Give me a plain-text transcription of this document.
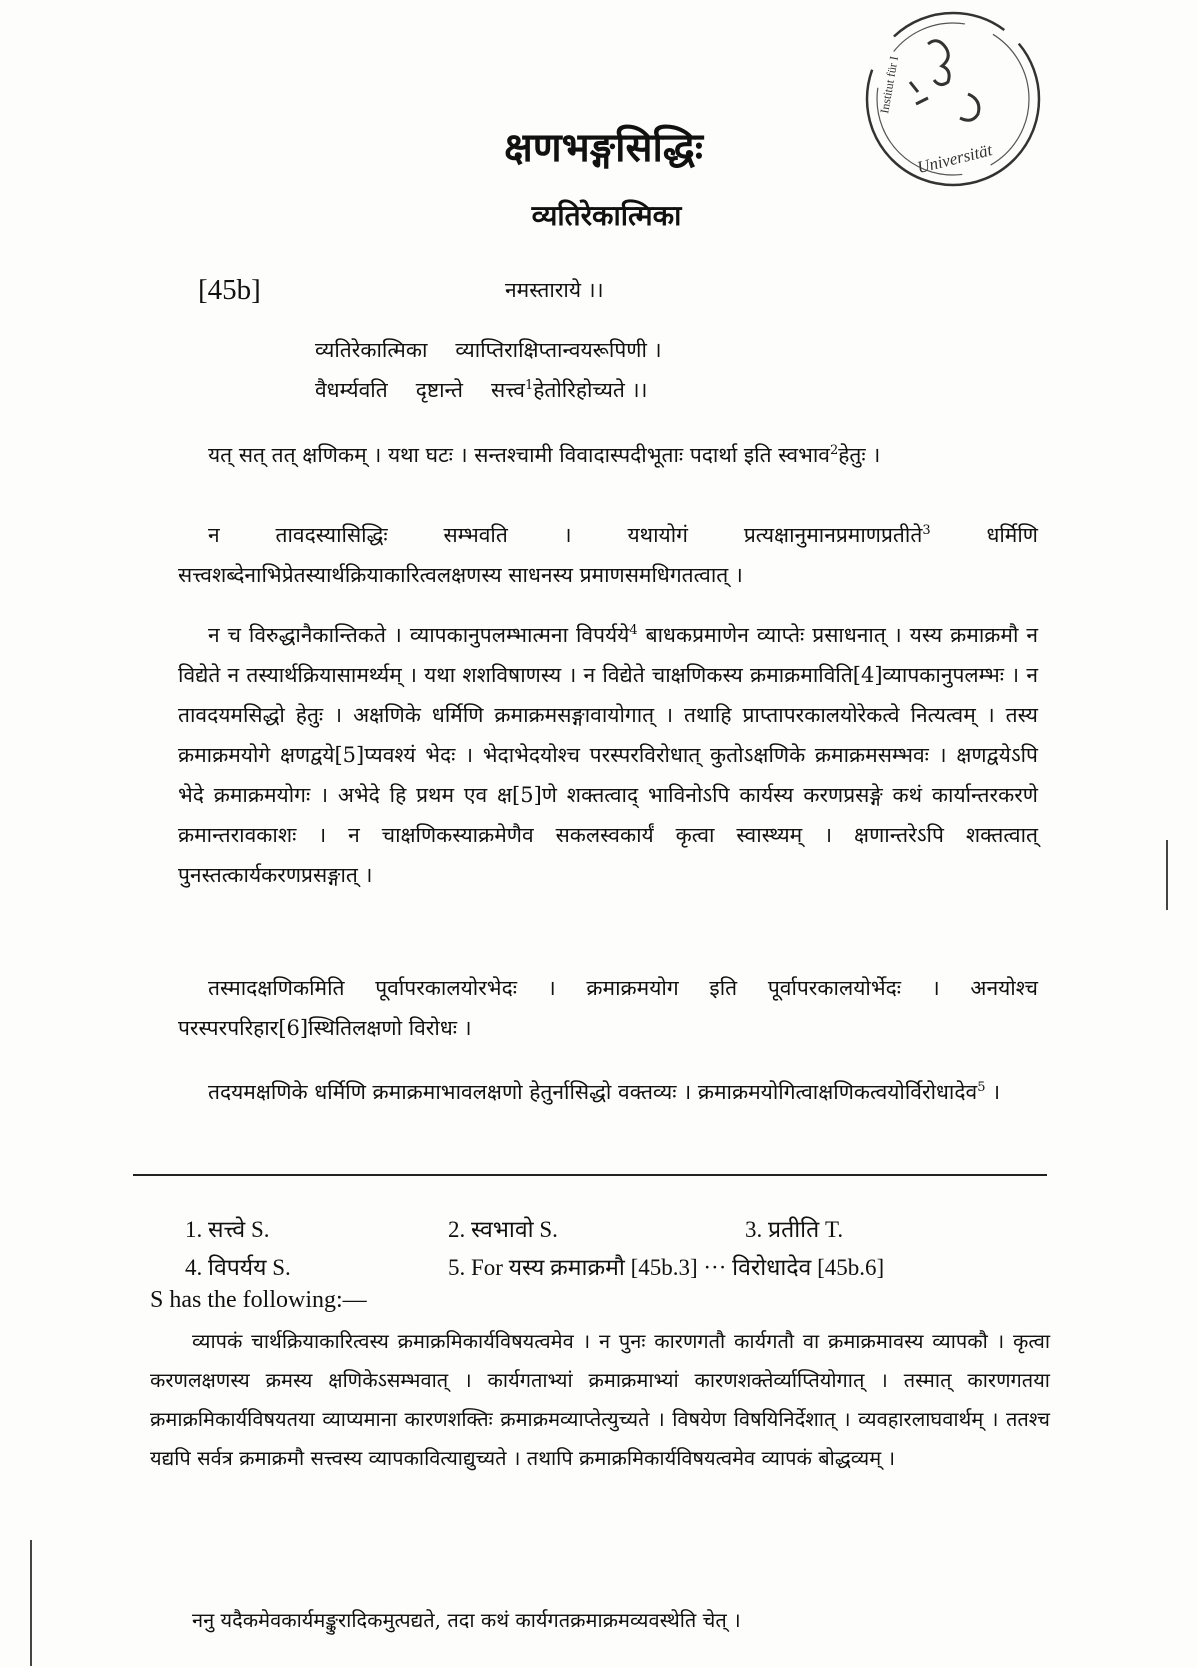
Universität
Institut für I
क्षणभङ्गसिद्धिः
व्यतिरेकात्मिका
[45b]	नमस्ताराये ।।
व्यतिरेकात्मिका व्याप्तिराक्षिप्तान्वयरूपिणी ।
वैधर्म्यवति दृष्टान्ते सत्त्व$^1$हेतोरिहोच्यते ।।

यत् सत् तत् क्षणिकम् । यथा घटः । सन्तश्चामी विवादास्पदीभूताः पदार्था इति स्वभाव$^2$हेतुः ।

न तावदस्यासिद्धिः सम्भवति । यथायोगं प्रत्यक्षानुमानप्रमाणप्रतीते$^3$ धर्मिणि सत्त्वशब्देनाभिप्रेतस्यार्थक्रियाकारित्वलक्षणस्य साधनस्य प्रमाणसमधिगतत्वात् ।

न च विरुद्धानैकान्तिकते । व्यापकानुपलम्भात्मना विपर्यये$^4$ बाधकप्रमाणेन व्याप्तेः प्रसाधनात् । यस्य क्रमाक्रमौ न विद्येते न तस्यार्थक्रियासामर्थ्यम् । यथा शशविषाणस्य । न विद्येते चाक्षणिकस्य क्रमाक्रमाविति[4]व्यापकानुपलम्भः । न तावदयमसिद्धो हेतुः । अक्षणिके धर्मिणि क्रमाक्रमसङ्गावायोगात् । तथाहि प्राप्तापरकालयोरेकत्वे नित्यत्वम् । तस्य क्रमाक्रमयोगे क्षणद्वये[5]प्यवश्यं भेदः । भेदाभेदयोश्च परस्परविरोधात् कुतोऽक्षणिके क्रमाक्रमसम्भवः । क्षणद्वयेऽपि भेदे क्रमाक्रमयोगः । अभेदे हि प्रथम एव क्ष[5]णे शक्तत्वाद् भाविनोऽपि कार्यस्य करणप्रसङ्गे कथं कार्यान्तरकरणे क्रमान्तरावकाशः । न चाक्षणिकस्याक्रमेणैव सकलस्वकार्यं कृत्वा स्वास्थ्यम् । क्षणान्तरेऽपि शक्तत्वात् पुनस्तत्कार्यकरणप्रसङ्गात् ।

तस्मादक्षणिकमिति पूर्वापरकालयोरभेदः । क्रमाक्रमयोग इति पूर्वापरकालयोर्भेदः । अनयोश्च परस्परपरिहार[6]स्थितिलक्षणो विरोधः ।

तदयमक्षणिके धर्मिणि क्रमाक्रमाभावलक्षणो हेतुर्नासिद्धो वक्तव्यः । क्रमाक्रमयोगित्वाक्षणिकत्वयोर्विरोधादेव$^5$ ।

1. सत्त्वे S.	2. स्वभावो S.	3. प्रतीति T.
4. विपर्यय S.	5. For यस्य क्रमाक्रमौ [45b.3] ··· विरोधादेव [45b.6]
S has the following:—

व्यापकं चार्थक्रियाकारित्वस्य क्रमाक्रमिकार्यविषयत्वमेव । न पुनः कारणगतौ कार्यगतौ वा क्रमाक्रमावस्य व्यापकौ । कृत्वा करणलक्षणस्य क्रमस्य क्षणिकेऽसम्भवात् । कार्यगताभ्यां क्रमाक्रमाभ्यां कारणशक्तेर्व्याप्तियोगात् । तस्मात् कारणगतया क्रमाक्रमिकार्यविषयतया व्याप्यमाना कारणशक्तिः क्रमाक्रमव्याप्तेत्युच्यते । विषयेण विषयिनिर्देशात् । व्यवहारलाघवार्थम् । ततश्च यद्यपि सर्वत्र क्रमाक्रमौ सत्त्वस्य व्यापकावित्याद्युच्यते । तथापि क्रमाक्रमिकार्यविषयत्वमेव व्यापकं बोद्धव्यम् ।

ननु यदैकमेवकार्यमङ्कुरादिकमुत्पद्यते, तदा कथं कार्यगतक्रमाक्रमव्यवस्थेति चेत् ।
